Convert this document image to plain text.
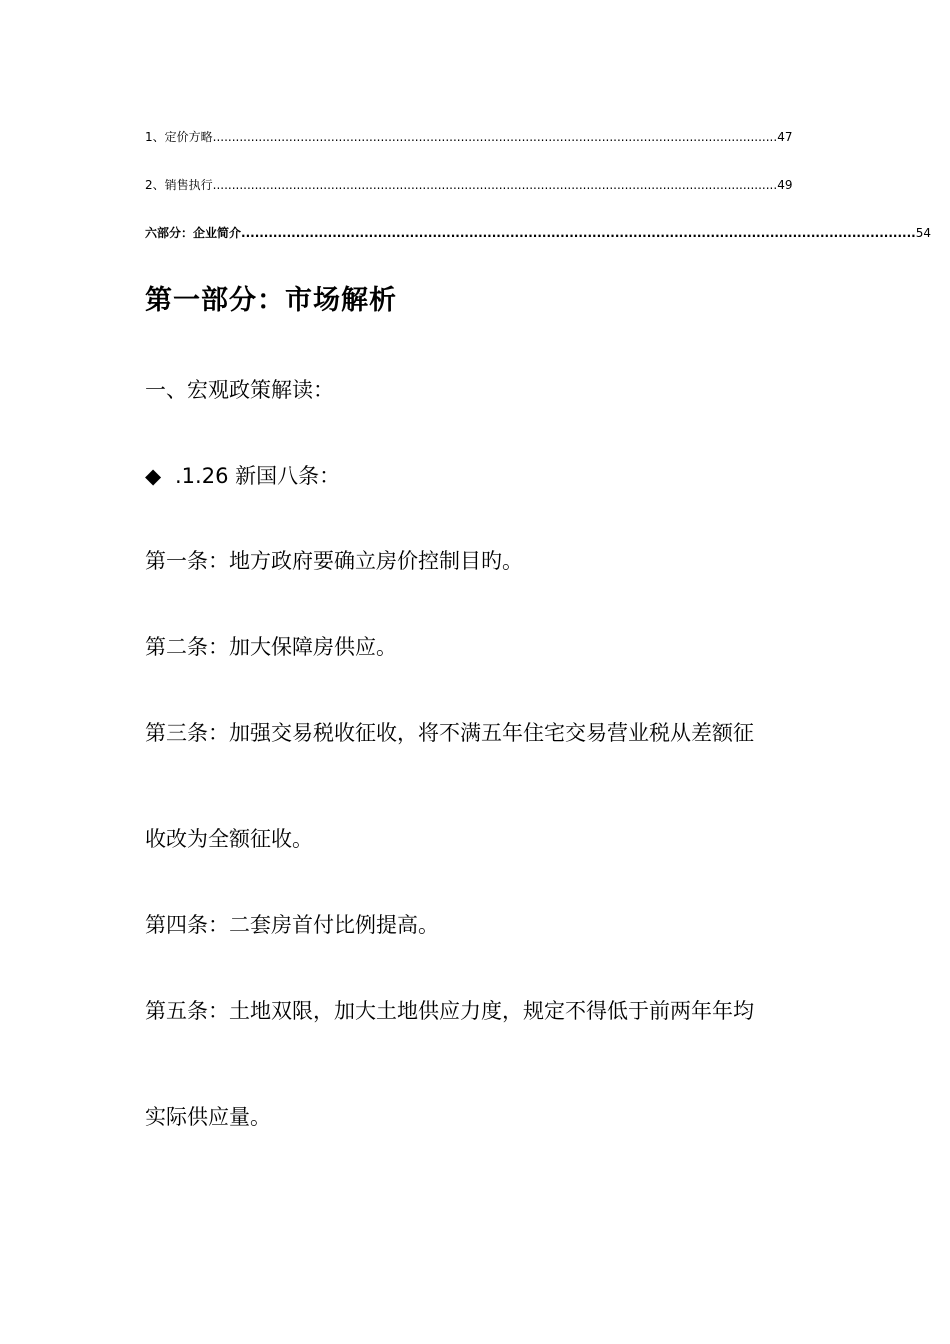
1、定价方略 .................................................................................................................................................... 47
2、销售执行 .................................................................................................................................................... 49
六部分：企业简介 .................................................................................................................................................... 54
第一部分：市场解析
一、宏观政策解读：
◆ .1.26 新国八条：
第一条：地方政府要确立房价控制目旳。
第二条：加大保障房供应。
第三条：加强交易税收征收，将不满五年住宅交易营业税从差额征
收改为全额征收。
第四条：二套房首付比例提高。
第五条：土地双限，加大土地供应力度，规定不得低于前两年年均
实际供应量。
